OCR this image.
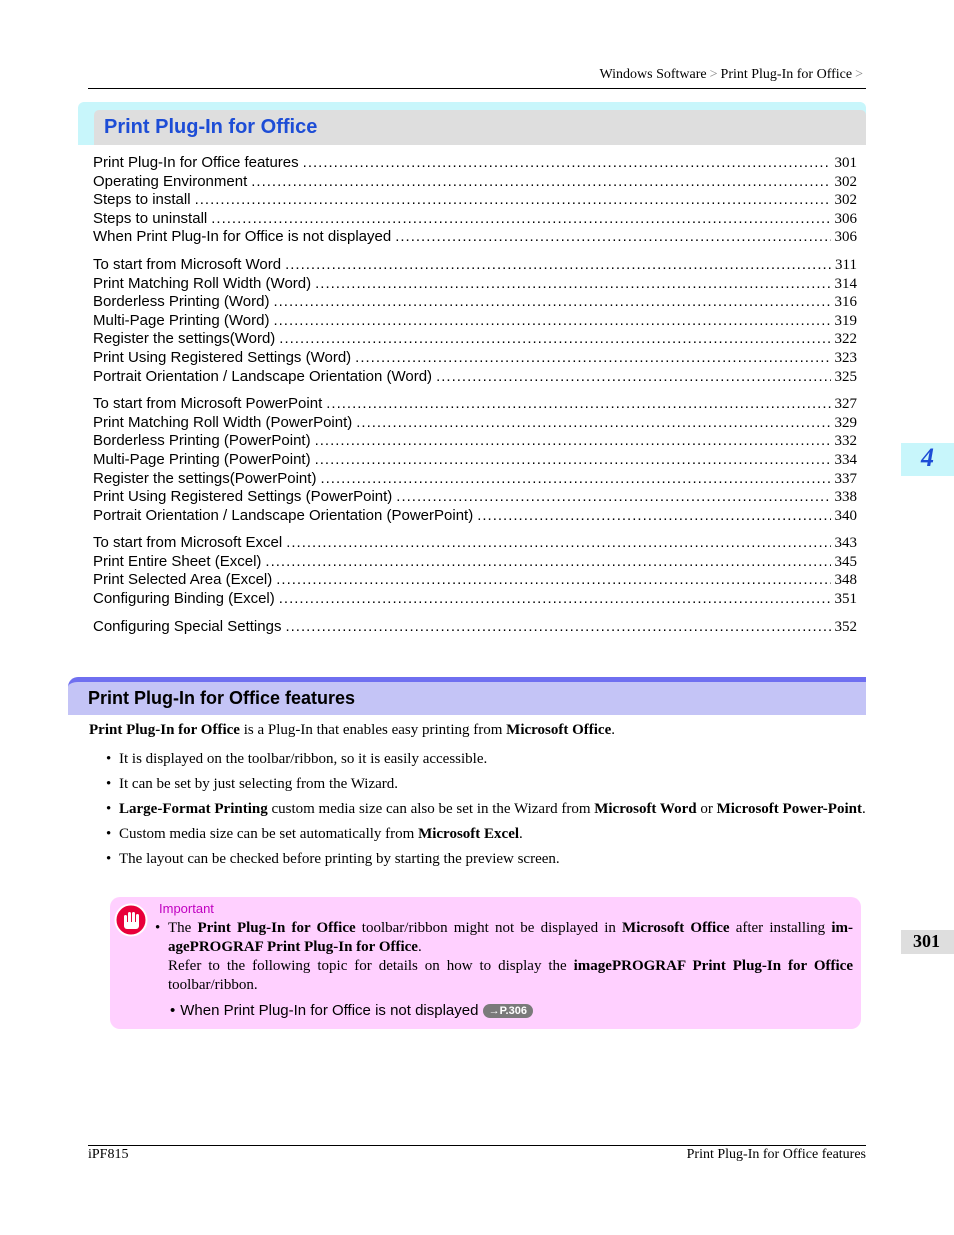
Windows Software > Print Plug-In for Office >
Print Plug-In for Office
Print Plug-In for Office features .....	301
Operating Environment .....	302
Steps to install .....	302
Steps to uninstall .....	306
When Print Plug-In for Office is not displayed .....	306
To start from Microsoft Word .....	311
Print Matching Roll Width (Word) .....	314
Borderless Printing (Word) .....	316
Multi-Page Printing (Word) .....	319
Register the settings(Word) .....	322
Print Using Registered Settings (Word) .....	323
Portrait Orientation / Landscape Orientation (Word) .....	325
To start from Microsoft PowerPoint .....	327
Print Matching Roll Width (PowerPoint) .....	329
Borderless Printing (PowerPoint) .....	332
Multi-Page Printing (PowerPoint) .....	334
Register the settings(PowerPoint) .....	337
Print Using Registered Settings (PowerPoint) .....	338
Portrait Orientation / Landscape Orientation (PowerPoint) .....	340
To start from Microsoft Excel .....	343
Print Entire Sheet (Excel) .....	345
Print Selected Area (Excel) .....	348
Configuring Binding (Excel) .....	351
Configuring Special Settings .....	352
4
301
Print Plug-In for Office features

Print Plug-In for Office is a Plug-In that enables easy printing from Microsoft Office.

• It is displayed on the toolbar/ribbon, so it is easily accessible.
• It can be set by just selecting from the Wizard.
• Large-Format Printing custom media size can also be set in the Wizard from Microsoft Word or Microsoft Power-Point.
• Custom media size can be set automatically from Microsoft Excel.
• The layout can be checked before printing by starting the preview screen.
Important
• The Print Plug-In for Office toolbar/ribbon might not be displayed in Microsoft Office after installing im-agePROGRAF Print Plug-In for Office.
Refer to the following topic for details on how to display the imagePROGRAF Print Plug-In for Office toolbar/ribbon.
• When Print Plug-In for Office is not displayed →P.306
iPF815	Print Plug-In for Office features
